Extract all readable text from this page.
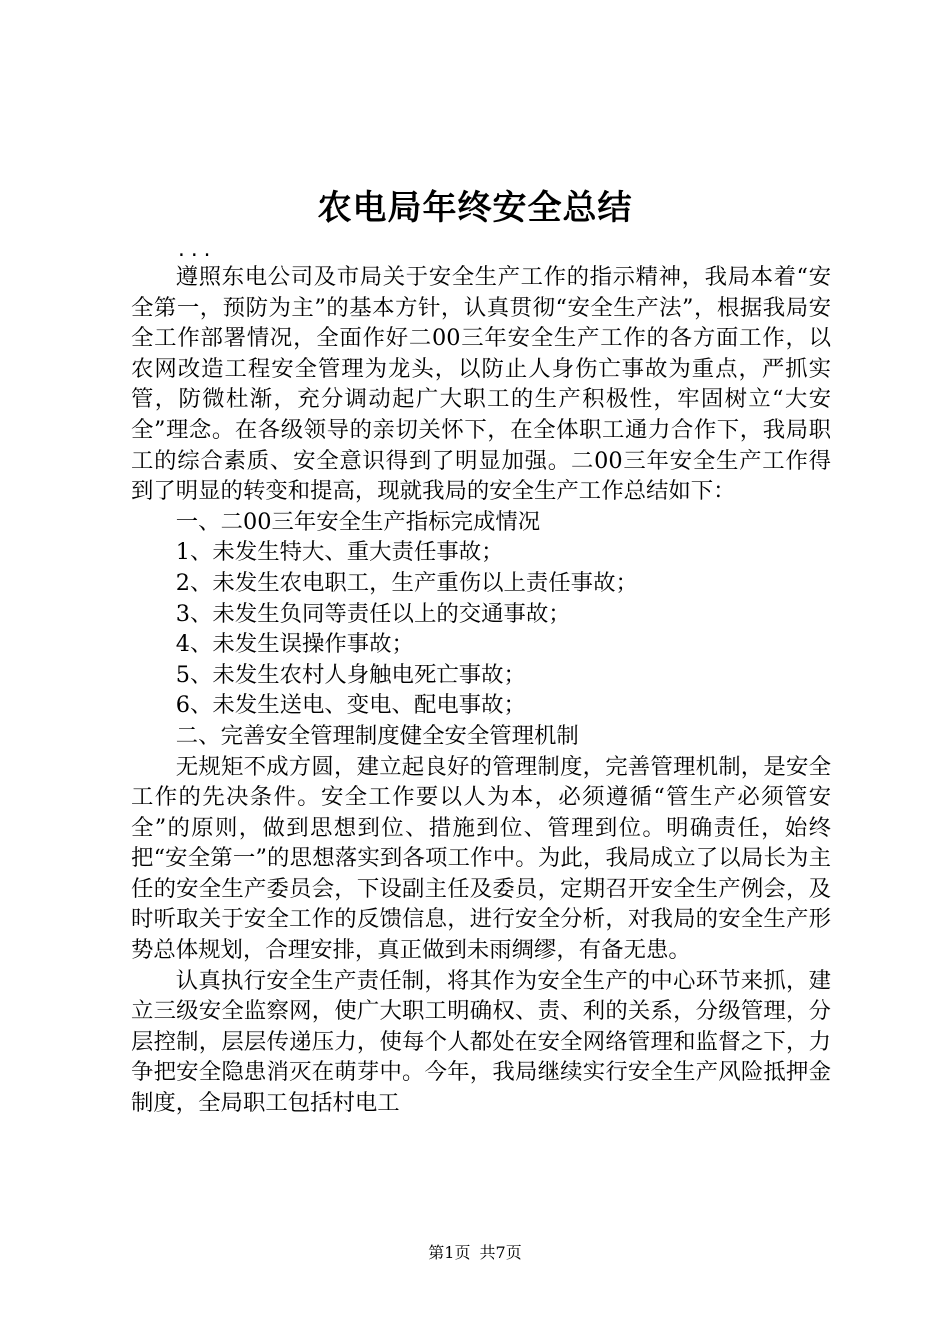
农电局年终安全总结
...

遵照东电公司及市局关于安全生产工作的指示精神，我局本着“安全第一，预防为主”的基本方针，认真贯彻“安全生产法”，根据我局安全工作部署情况，全面作好二00三年安全生产工作的各方面工作，以农网改造工程安全管理为龙头，以防止人身伤亡事故为重点，严抓实管，防微杜渐，充分调动起广大职工的生产积极性，牢固树立“大安全”理念。在各级领导的亲切关怀下，在全体职工通力合作下，我局职工的综合素质、安全意识得到了明显加强。二00三年安全生产工作得到了明显的转变和提高，现就我局的安全生产工作总结如下：

一、二00三年安全生产指标完成情况

1、未发生特大、重大责任事故；

2、未发生农电职工，生产重伤以上责任事故；

3、未发生负同等责任以上的交通事故；

4、未发生误操作事故；

5、未发生农村人身触电死亡事故；

6、未发生送电、变电、配电事故；

二、完善安全管理制度健全安全管理机制

无规矩不成方圆，建立起良好的管理制度，完善管理机制，是安全工作的先决条件。安全工作要以人为本，必须遵循“管生产必须管安全”的原则，做到思想到位、措施到位、管理到位。明确责任，始终把“安全第一”的思想落实到各项工作中。为此，我局成立了以局长为主任的安全生产委员会，下设副主任及委员，定期召开安全生产例会，及时听取关于安全工作的反馈信息，进行安全分析，对我局的安全生产形势总体规划，合理安排，真正做到未雨绸缪，有备无患。

认真执行安全生产责任制，将其作为安全生产的中心环节来抓，建立三级安全监察网，使广大职工明确权、责、利的关系，分级管理，分层控制，层层传递压力，使每个人都处在安全网络管理和监督之下，力争把安全隐患消灭在萌芽中。今年，我局继续实行安全生产风险抵押金制度，全局职工包括村电工

第1页 共7页
